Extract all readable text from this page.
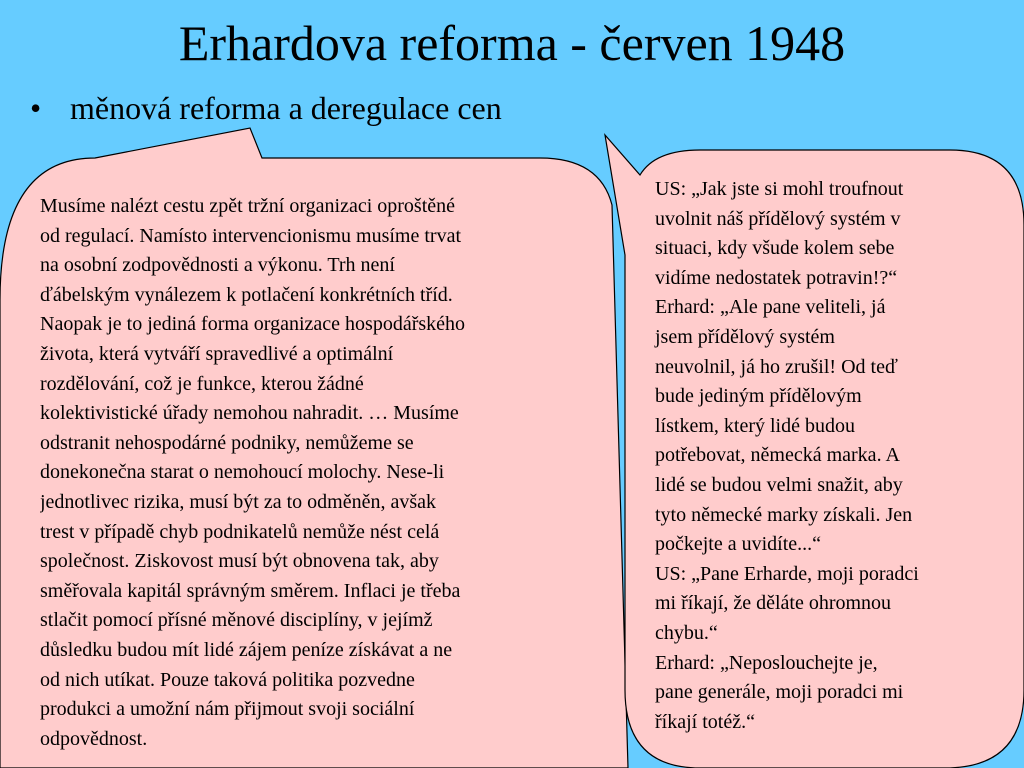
Erhardova reforma - červen 1948
• měnová reforma a deregulace cen
Musíme nalézt cestu zpět tržní organizaci oproštěné
od regulací. Namísto intervencionismu musíme trvat
na osobní zodpovědnosti a výkonu. Trh není
ďábelským vynálezem k potlačení konkrétních tříd.
Naopak je to jediná forma organizace hospodářského
života, která vytváří spravedlivé a optimální
rozdělování, což je funkce, kterou žádné
kolektivistické úřady nemohou nahradit. … Musíme
odstranit nehospodárné podniky, nemůžeme se
donekonečna starat o nemohoucí molochy. Nese-li
jednotlivec rizika, musí být za to odměněn, avšak
trest v případě chyb podnikatelů nemůže nést celá
společnost. Ziskovost musí být obnovena tak, aby
směřovala kapitál správným směrem. Inflaci je třeba
stlačit pomocí přísné měnové disciplíny, v jejímž
důsledku budou mít lidé zájem peníze získávat a ne
od nich utíkat. Pouze taková politika pozvedne
produkci a umožní nám přijmout svoji sociální
odpovědnost.
US: „Jak jste si mohl troufnout
uvolnit náš přídělový systém v
situaci, kdy všude kolem sebe
vidíme nedostatek potravin!?“
Erhard: „Ale pane veliteli, já
jsem přídělový systém
neuvolnil, já ho zrušil! Od teď
bude jediným přídělovým
lístkem, který lidé budou
potřebovat, německá marka. A
lidé se budou velmi snažit, aby
tyto německé marky získali. Jen
počkejte a uvidíte...“
US: „Pane Erharde, moji poradci
mi říkají, že děláte ohromnou
chybu.“
Erhard: „Neposlouchejte je,
pane generále, moji poradci mi
říkají totéž.“
